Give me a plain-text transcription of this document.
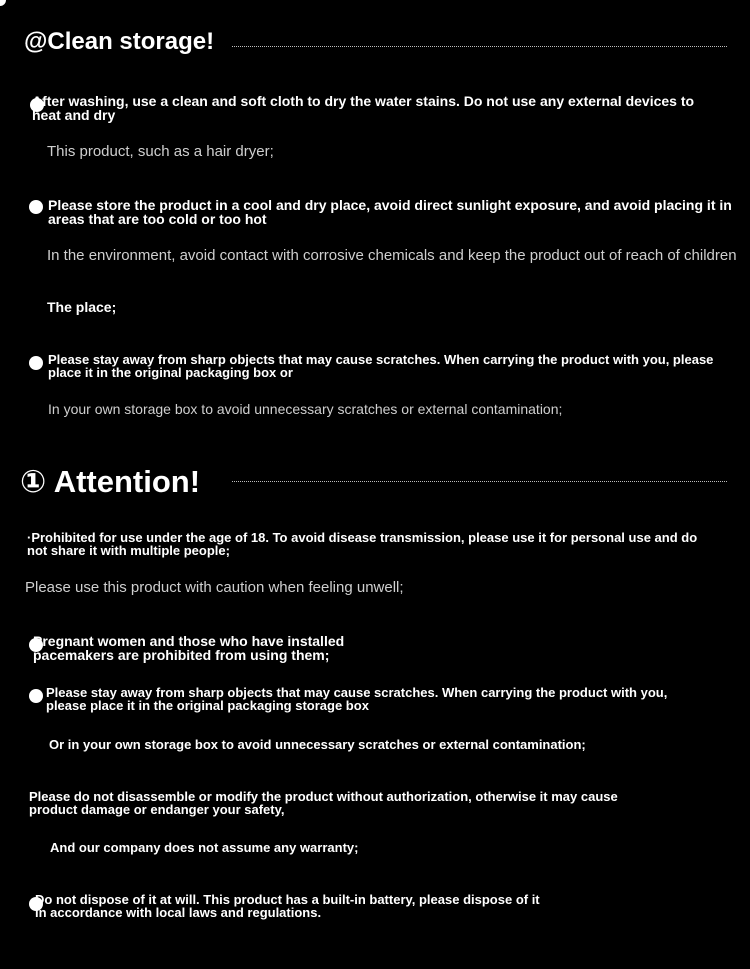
@Clean storage!
After washing, use a clean and soft cloth to dry the water stains. Do not use any external devices to heat and dry
This product, such as a hair dryer;
Please store the product in a cool and dry place, avoid direct sunlight exposure, and avoid placing it in areas that are too cold or too hot
In the environment, avoid contact with corrosive chemicals and keep the product out of reach of children
The place;
Please stay away from sharp objects that may cause scratches. When carrying the product with you, please place it in the original packaging box or
In your own storage box to avoid unnecessary scratches or external contamination;
① Attention!
·Prohibited for use under the age of 18. To avoid disease transmission, please use it for personal use and do not share it with multiple people;
Please use this product with caution when feeling unwell;
Pregnant women and those who have installed pacemakers are prohibited from using them;
Please stay away from sharp objects that may cause scratches. When carrying the product with you, please place it in the original packaging storage box
Or in your own storage box to avoid unnecessary scratches or external contamination;
Please do not disassemble or modify the product without authorization, otherwise it may cause product damage or endanger your safety,
And our company does not assume any warranty;
Do not dispose of it at will. This product has a built-in battery, please dispose of it in accordance with local laws and regulations.
